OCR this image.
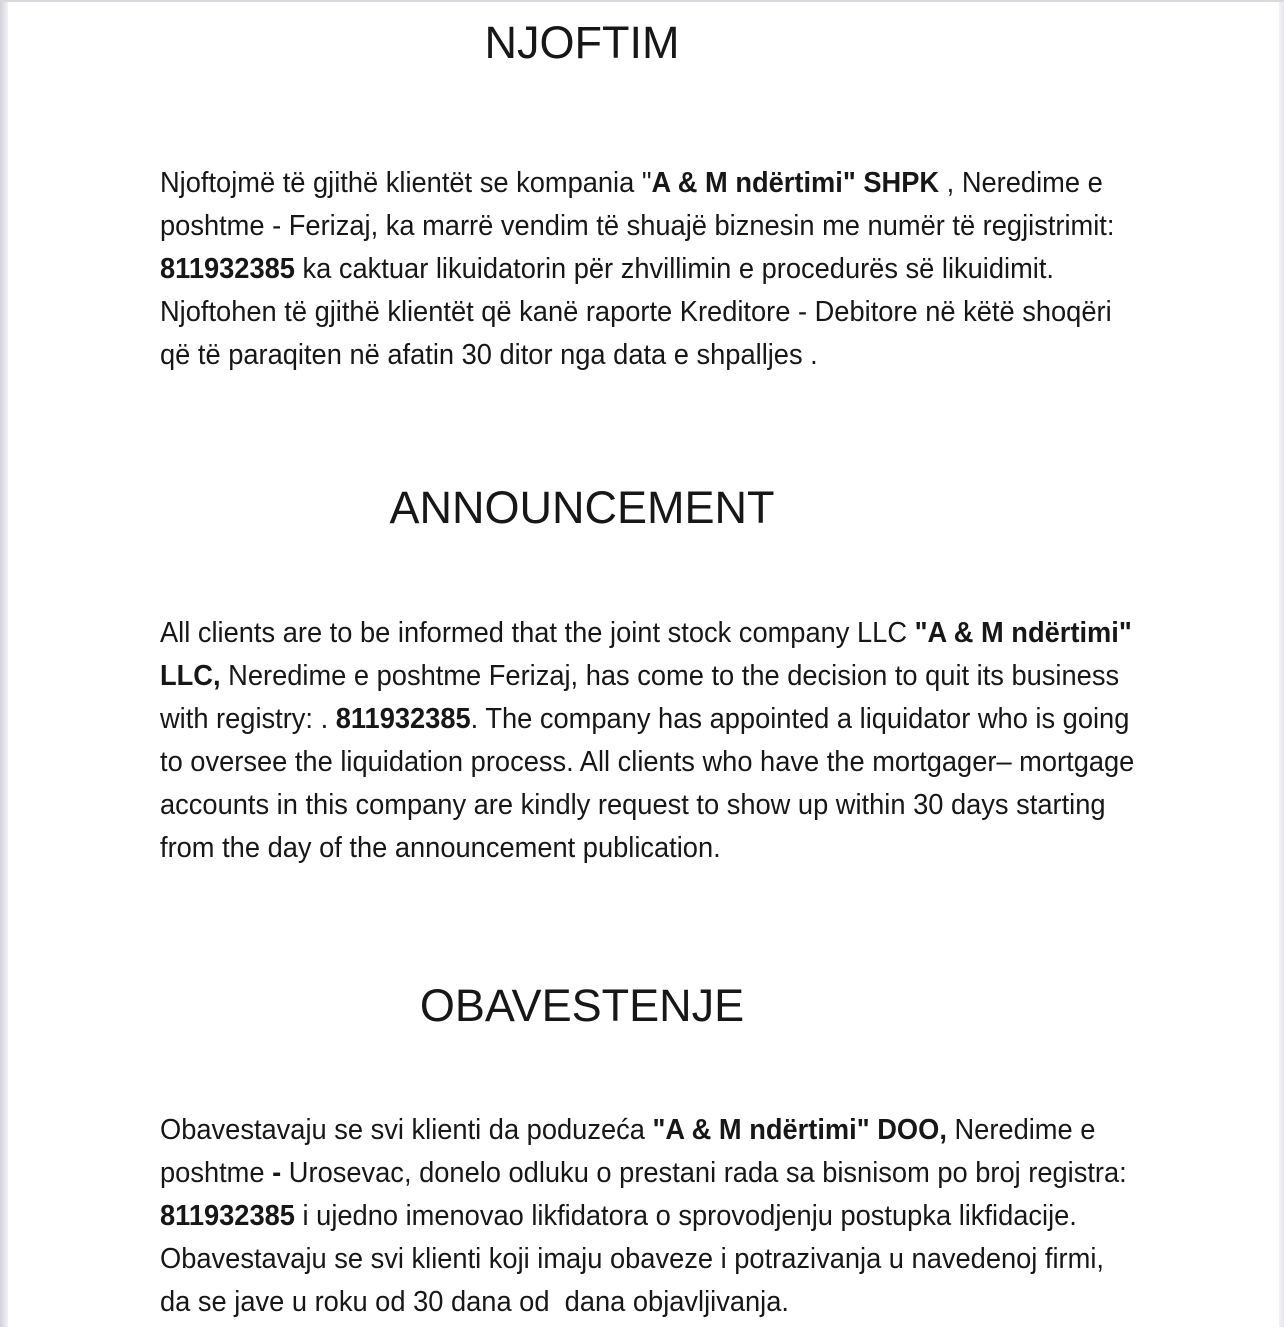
NJOFTIM
Njoftojmë të gjithë klientët se kompania "A & M ndërtimi" SHPK , Neredime e poshtme - Ferizaj, ka marrë vendim të shuajë biznesin me numër të regjistrimit: 811932385 ka caktuar likuidatorin për zhvillimin e procedurës së likuidimit. Njoftohen të gjithë klientët që kanë raporte Kreditore - Debitore në këtë shoqëri që të paraqiten në afatin 30 ditor nga data e shpalljes .
ANNOUNCEMENT
All clients are to be informed that the joint stock company LLC "A & M ndërtimi" LLC, Neredime e poshtme Ferizaj, has come to the decision to quit its business with registry: . 811932385. The company has appointed a liquidator who is going to oversee the liquidation process. All clients who have the mortgager– mortgage accounts in this company are kindly request to show up within 30 days starting from the day of the announcement publication.
OBAVESTENJE
Obavestavaju se svi klienti da poduzeća "A & M ndërtimi" DOO, Neredime e poshtme - Urosevac, donelo odluku o prestani rada sa bisnisom po broj registra: 811932385 i ujedno imenovao likfidatora o sprovodjenju postupka likfidacije. Obavestavaju se svi klienti koji imaju obaveze i potrazivanja u navedenoj firmi, da se jave u roku od 30 dana od  dana objavljivanja.
